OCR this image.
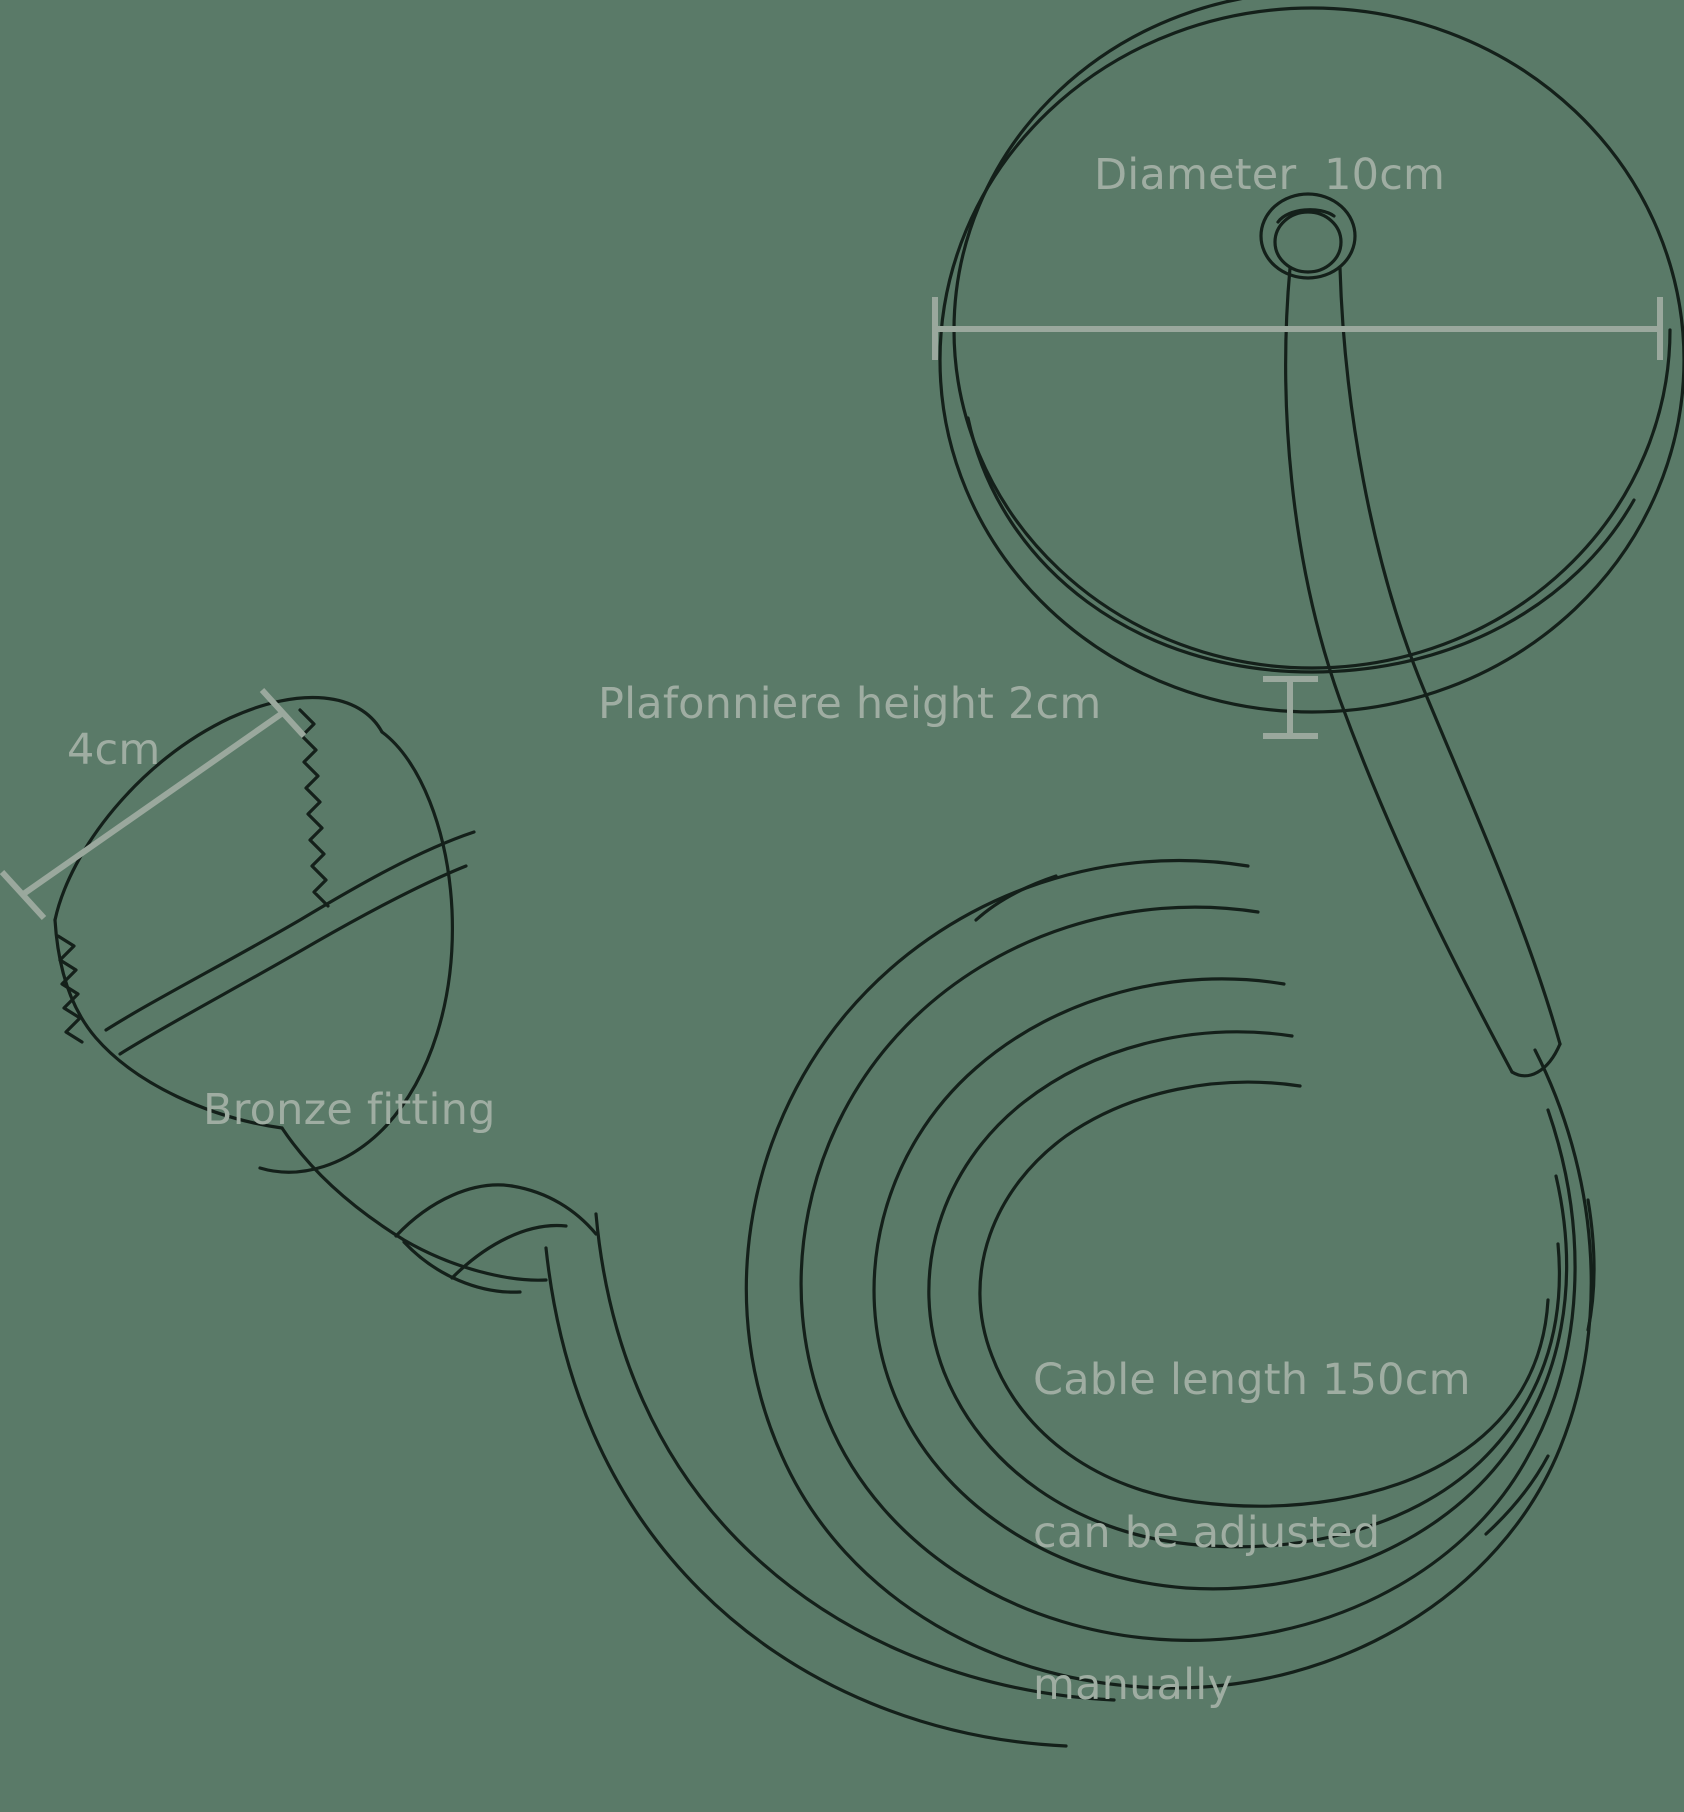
Diameter  10cm
Plafonniere height 2cm
4cm
Bronze fitting

Cable length 150cm

can be adjusted

manually
